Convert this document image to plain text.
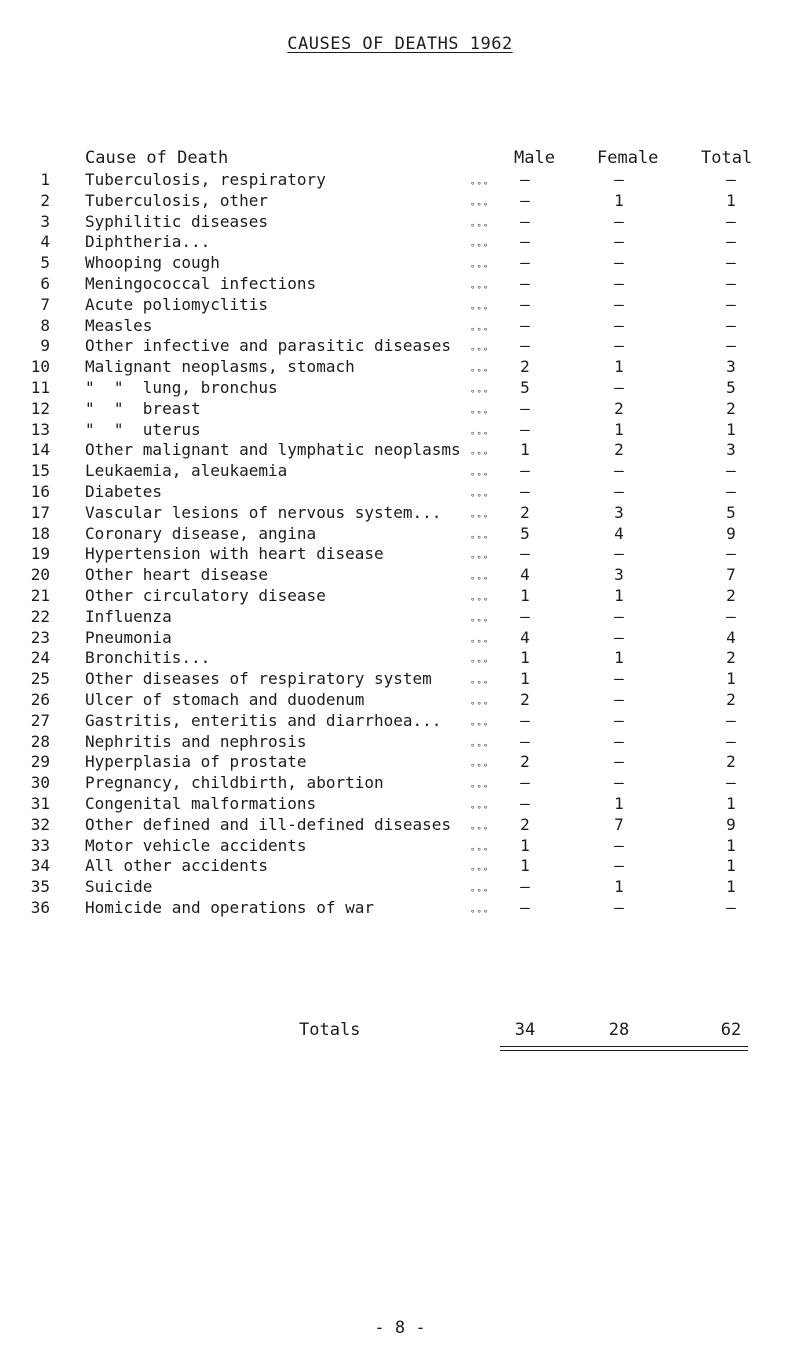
CAUSES OF DEATHS 1962
Cause of Death	Male Female	Total
1 Tuberculosis, respiratory	—	—	—
∘∘∘
2 Tuberculosis, other	—	1	1
∘∘∘
3 Syphilitic diseases	—	—	—
∘∘∘
4 Diphtheria...	—	—	—
∘∘∘
5 Whooping cough	—	—	—
∘∘∘
6 Meningococcal infections	—	—	—
∘∘∘
7 Acute poliomyclitis	—	—	—
∘∘∘
8 Measles	—	—	—
∘∘∘
9 Other infective and parasitic diseases	—	—	—
∘∘∘
10 Malignant neoplasms, stomach	2	1	3
∘∘∘
11 "  "  lung, bronchus	5	—	5
∘∘∘
12 "  "  breast	—	2	2
∘∘∘
13 "  "  uterus	—	1	1
∘∘∘
14 Other malignant and lymphatic neoplasms	1	2	3
∘∘∘
15 Leukaemia, aleukaemia	—	—	—
∘∘∘
16 Diabetes	—	—	—
∘∘∘
17 Vascular lesions of nervous system...	2	3	5
∘∘∘
18 Coronary disease, angina	5	4	9
∘∘∘
19 Hypertension with heart disease	—	—	—
∘∘∘
20 Other heart disease	4	3	7
∘∘∘
21 Other circulatory disease	1	1	2
∘∘∘
22 Influenza	—	—	—
∘∘∘
23 Pneumonia	4	—	4
∘∘∘
24 Bronchitis...	1	1	2
∘∘∘
25 Other diseases of respiratory system	1	—	1
∘∘∘
26 Ulcer of stomach and duodenum	2	—	2
∘∘∘
27 Gastritis, enteritis and diarrhoea...	—	—	—
∘∘∘
28 Nephritis and nephrosis	—	—	—
∘∘∘
29 Hyperplasia of prostate	2	—	2
∘∘∘
30 Pregnancy, childbirth, abortion	—	—	—
∘∘∘
31 Congenital malformations	—	1	1
∘∘∘
32 Other defined and ill-defined diseases	2	7	9
∘∘∘
33 Motor vehicle accidents	1	—	1
∘∘∘
34 All other accidents	1	—	1
∘∘∘
35 Suicide	—	1	1
∘∘∘
36 Homicide and operations of war	—	—	—
∘∘∘
Totals	34	28	62
- 8 -
